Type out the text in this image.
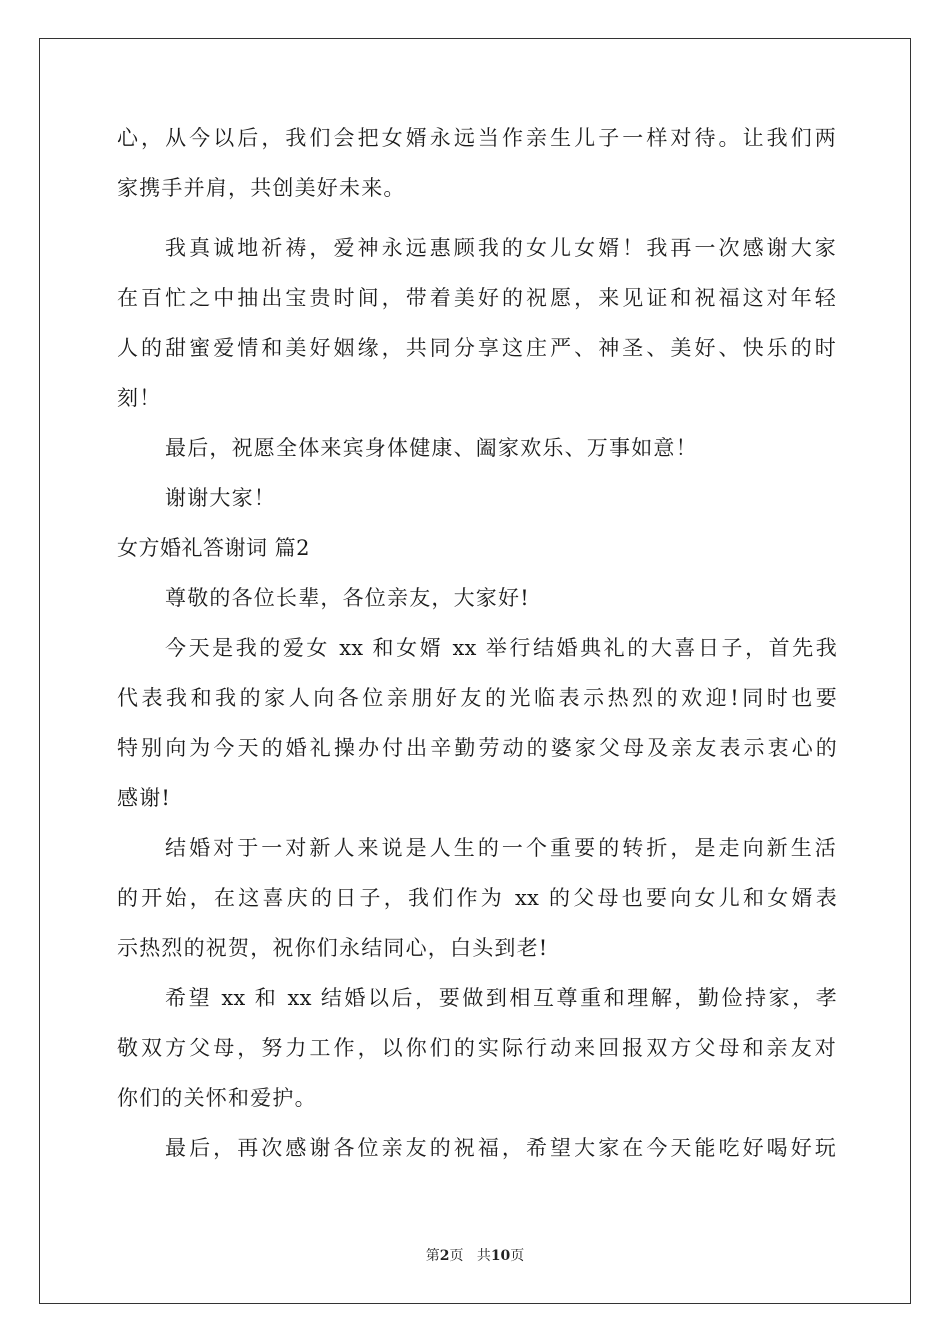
心，从今以后，我们会把女婿永远当作亲生儿子一样对待。让我们两
家携手并肩，共创美好未来。
我真诚地祈祷，爱神永远惠顾我的女儿女婿！我再一次感谢大家
在百忙之中抽出宝贵时间，带着美好的祝愿，来见证和祝福这对年轻
人的甜蜜爱情和美好姻缘，共同分享这庄严、神圣、美好、快乐的时
刻！
最后，祝愿全体来宾身体健康、阖家欢乐、万事如意！
谢谢大家！
女方婚礼答谢词 篇2
尊敬的各位长辈，各位亲友，大家好!
今天是我的爱女 xx 和女婿 xx 举行结婚典礼的大喜日子，首先我
代表我和我的家人向各位亲朋好友的光临表示热烈的欢迎!同时也要
特别向为今天的婚礼操办付出辛勤劳动的婆家父母及亲友表示衷心的
感谢!
结婚对于一对新人来说是人生的一个重要的转折，是走向新生活
的开始，在这喜庆的日子，我们作为 xx 的父母也要向女儿和女婿表
示热烈的祝贺，祝你们永结同心，白头到老!
希望 xx 和 xx 结婚以后，要做到相互尊重和理解，勤俭持家，孝
敬双方父母，努力工作，以你们的实际行动来回报双方父母和亲友对
你们的关怀和爱护。
最后，再次感谢各位亲友的祝福，希望大家在今天能吃好喝好玩
第2页 共10页
